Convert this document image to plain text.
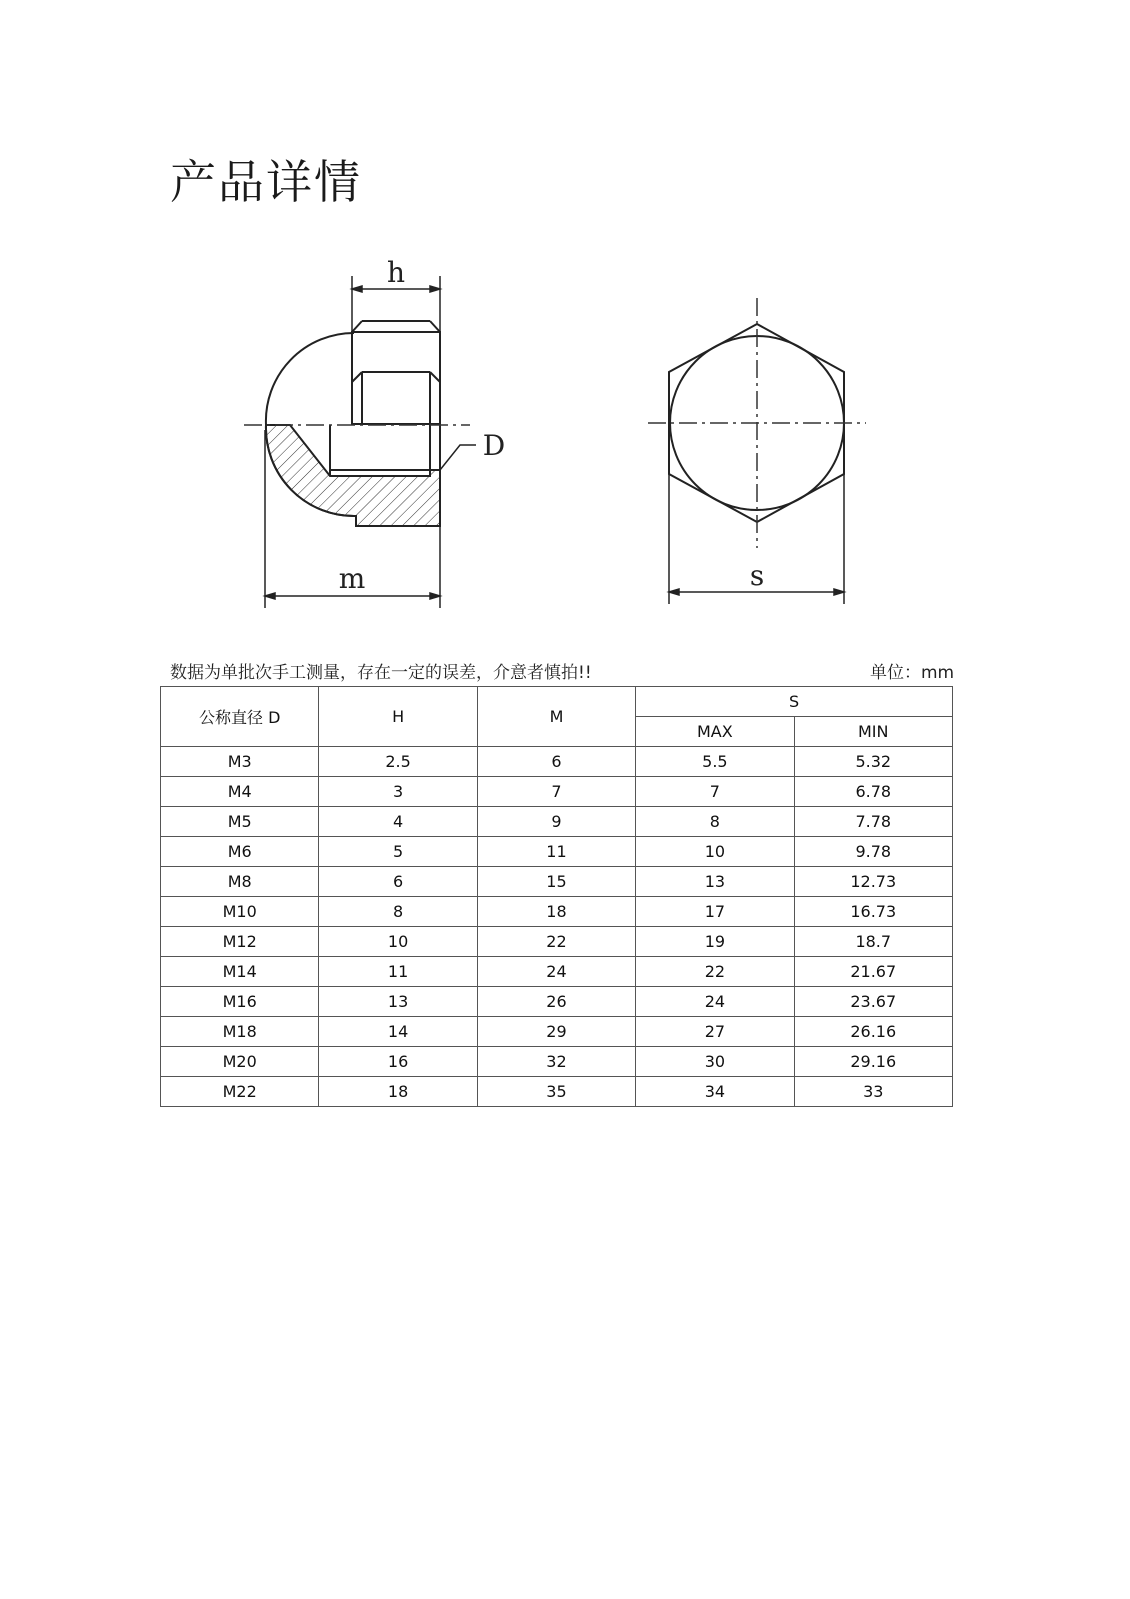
产品详情
h
D
m	s
数据为单批次手工测量，存在一定的误差，介意者慎拍!!	单位：mm
公称直径 D	H	M	S	
			MAX	MIN
M3	2.5	6	5.5	5.32
M4	3	7	7	6.78
M5	4	9	8	7.78
M6	5	11	10	9.78
M8	6	15	13	12.73
M10	8	18	17	16.73
M12	10	22	19	18.7
M14	11	24	22	21.67
M16	13	26	24	23.67
M18	14	29	27	26.16
M20	16	32	30	29.16
M22	18	35	34	33
